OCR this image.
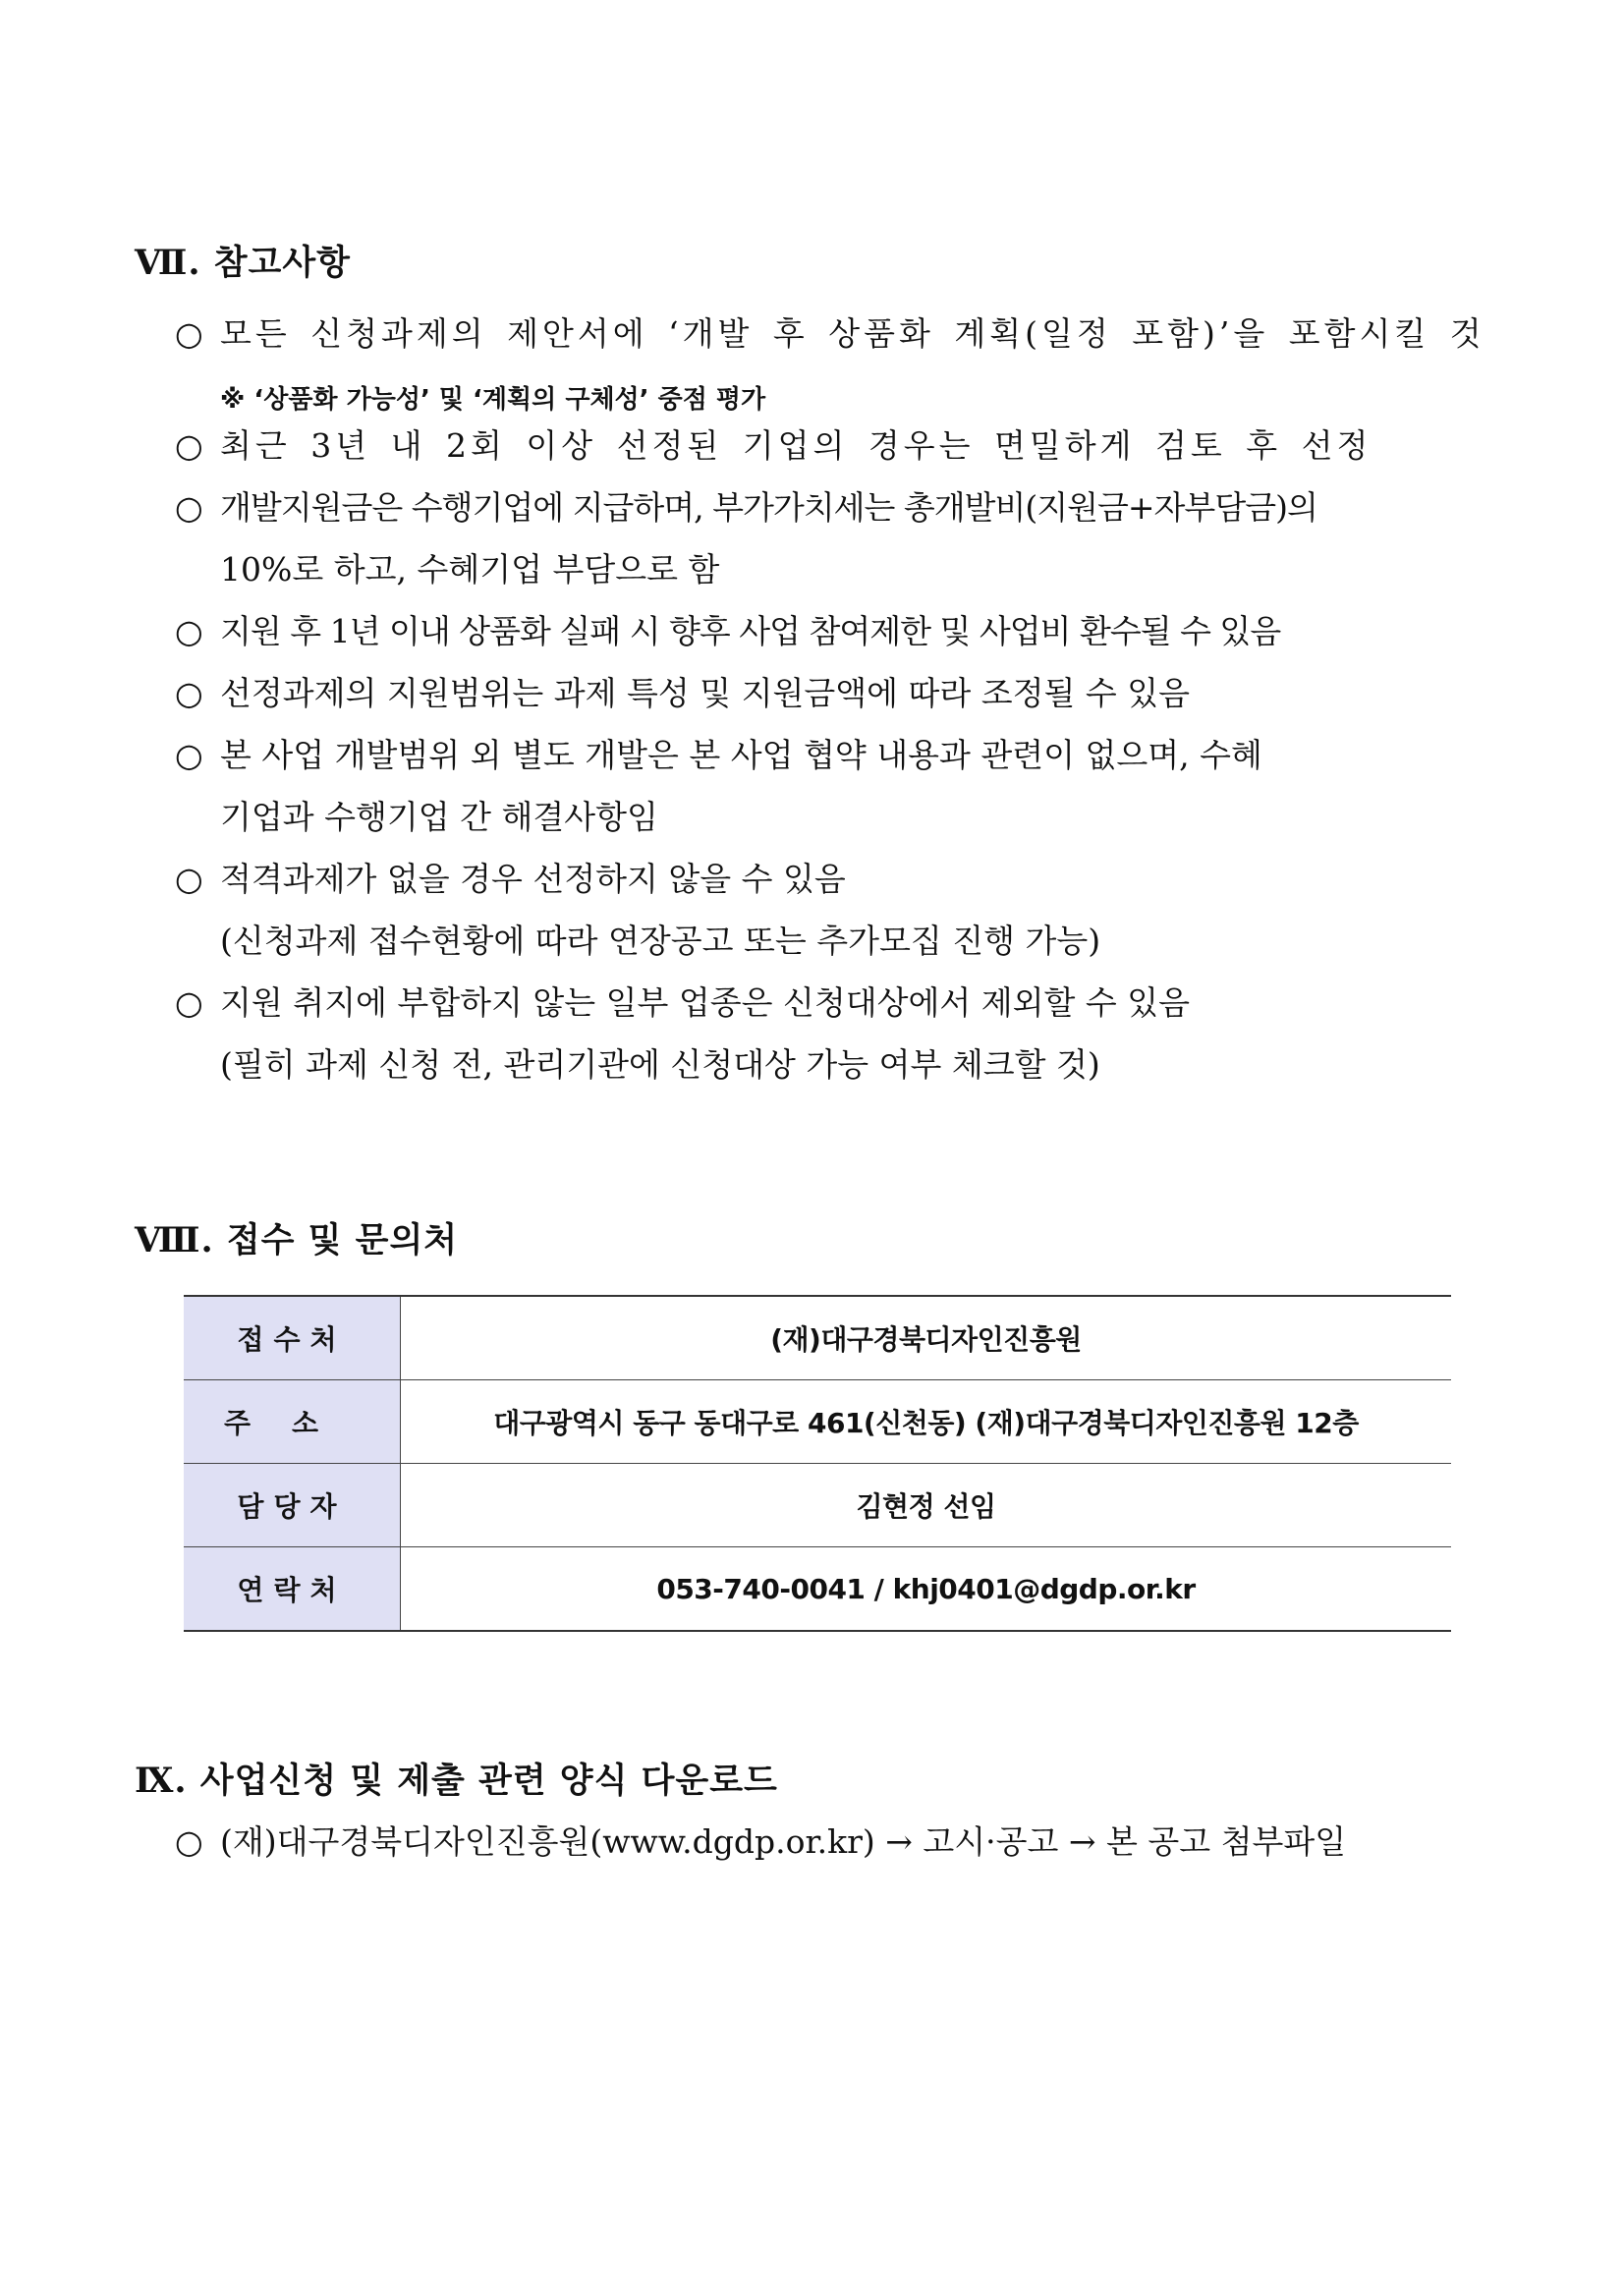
Ⅶ. 참고사항
○ 모든 신청과제의 제안서에 ‘개발 후 상품화 계획(일정 포함)’을 포함시킬 것
※ ‘상품화 가능성’ 및 ‘계획의 구체성’ 중점 평가
○ 최근 3년 내 2회 이상 선정된 기업의 경우는 면밀하게 검토 후 선정
○ 개발지원금은 수행기업에 지급하며, 부가가치세는 총개발비(지원금+자부담금)의
10%로 하고, 수혜기업 부담으로 함
○ 지원 후 1년 이내 상품화 실패 시 향후 사업 참여제한 및 사업비 환수될 수 있음
○ 선정과제의 지원범위는 과제 특성 및 지원금액에 따라 조정될 수 있음
○ 본 사업 개발범위 외 별도 개발은 본 사업 협약 내용과 관련이 없으며, 수혜
기업과 수행기업 간 해결사항임
○ 적격과제가 없을 경우 선정하지 않을 수 있음
(신청과제 접수현황에 따라 연장공고 또는 추가모집 진행 가능)
○ 지원 취지에 부합하지 않는 일부 업종은 신청대상에서 제외할 수 있음
(필히 과제 신청 전, 관리기관에 신청대상 가능 여부 체크할 것)
Ⅷ. 접수 및 문의처
접수처	(재)대구경북디자인진흥원
주소	대구광역시 동구 동대구로 461(신천동) (재)대구경북디자인진흥원 12층
담당자	김현정 선임
연락처	053-740-0041 / khj0401@dgdp.or.kr
Ⅸ. 사업신청 및 제출 관련 양식 다운로드
○ (재)대구경북디자인진흥원(www.dgdp.or.kr) → 고시·공고 → 본 공고 첨부파일
